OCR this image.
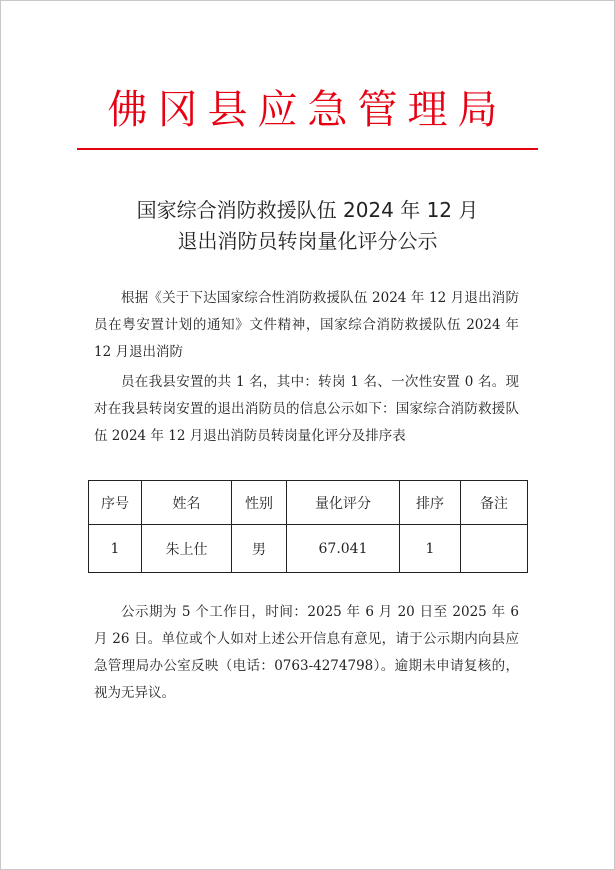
佛冈县应急管理局
国家综合消防救援队伍 2024 年 12 月
退出消防员转岗量化评分公示

根据《关于下达国家综合性消防救援队伍 2024 年 12 月退出消防员在粤安置计划的通知》文件精神，国家综合消防救援队伍 2024 年 12 月退出消防

员在我县安置的共 1 名，其中：转岗 1 名、一次性安置 0 名。现对在我县转岗安置的退出消防员的信息公示如下：国家综合消防救援队伍 2024 年 12 月退出消防员转岗量化评分及排序表

序号	姓名	性别	量化评分	排序	备注
1	朱上仕	男	67.041	1	

公示期为 5 个工作日，时间：2025 年 6 月 20 日至 2025 年 6 月 26 日。单位或个人如对上述公开信息有意见，请于公示期内向县应急管理局办公室反映（电话：0763-4274798）。逾期未申请复核的，视为无异议。
